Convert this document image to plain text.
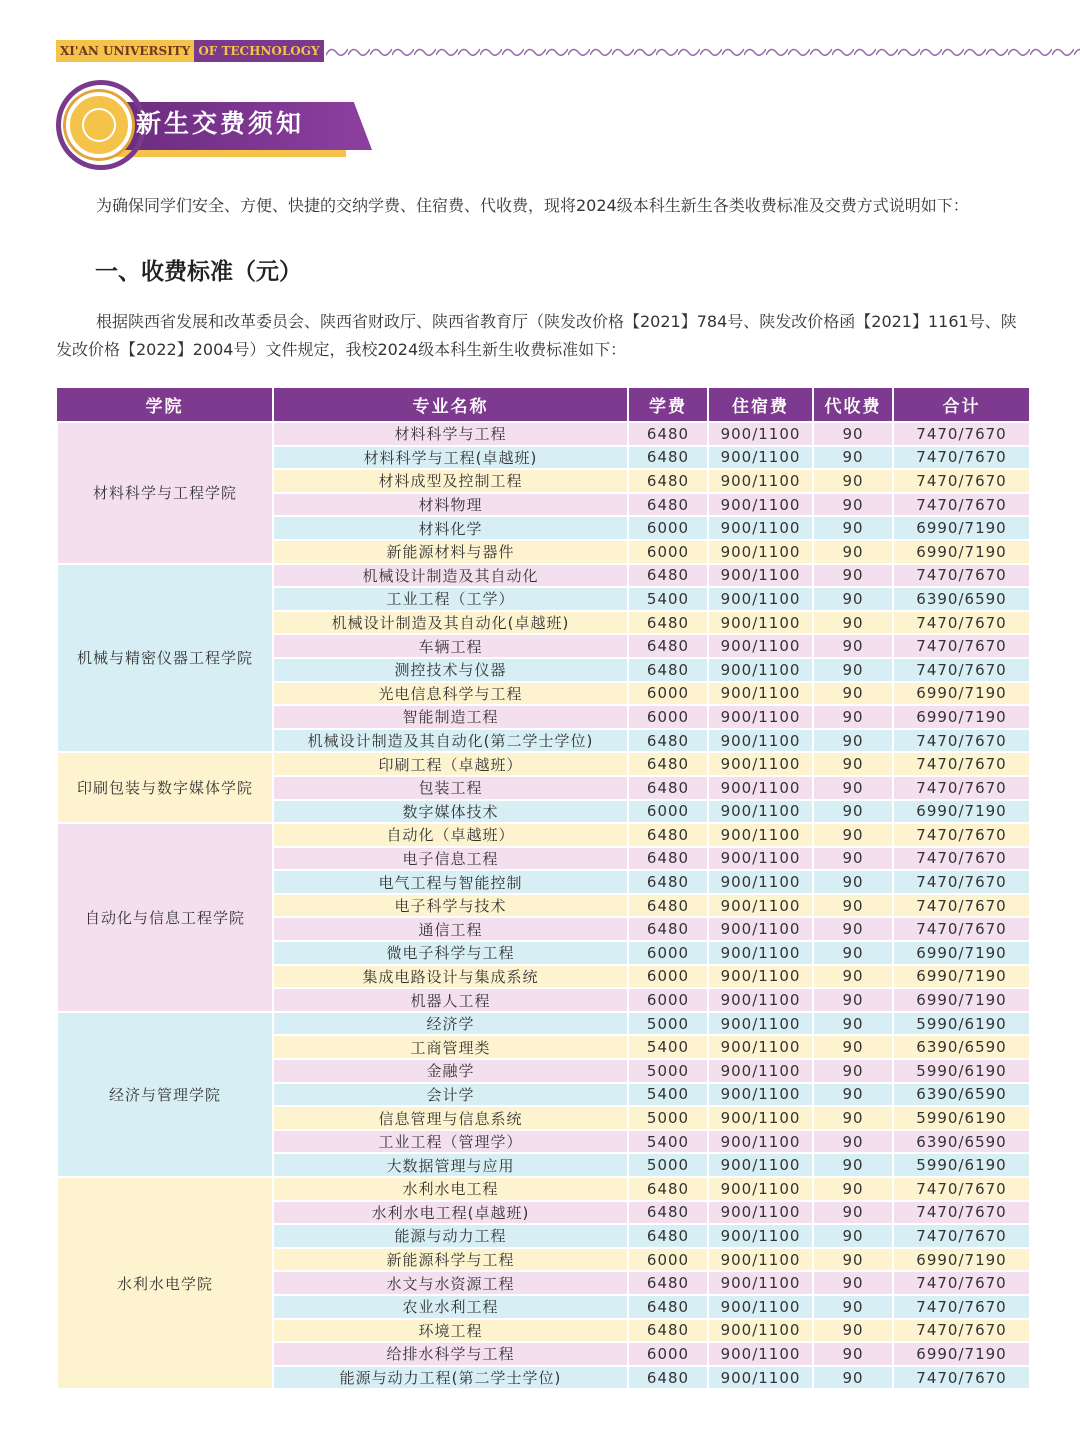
XI'AN UNIVERSITY OF TECHNOLOGY
新生交费须知

为确保同学们安全、方便、快捷的交纳学费、住宿费、代收费，现将2024级本科生新生各类收费标准及交费方式说明如下：

一、收费标准（元）

根据陕西省发展和改革委员会、陕西省财政厅、陕西省教育厅（陕发改价格【2021】784号、陕发改价格函【2021】1161号、陕发改价格【2022】2004号）文件规定，我校2024级本科生新生收费标准如下：

学院	专业名称	学费	住宿费	代收费	合计
材料科学与工程学院	材料科学与工程	6480	900/1100	90	7470/7670
	材料科学与工程(卓越班)	6480	900/1100	90	7470/7670
	材料成型及控制工程	6480	900/1100	90	7470/7670
	材料物理	6480	900/1100	90	7470/7670
	材料化学	6000	900/1100	90	6990/7190
	新能源材料与器件	6000	900/1100	90	6990/7190
机械与精密仪器工程学院	机械设计制造及其自动化	6480	900/1100	90	7470/7670
	工业工程（工学）	5400	900/1100	90	6390/6590
	机械设计制造及其自动化(卓越班)	6480	900/1100	90	7470/7670
	车辆工程	6480	900/1100	90	7470/7670
	测控技术与仪器	6480	900/1100	90	7470/7670
	光电信息科学与工程	6000	900/1100	90	6990/7190
	智能制造工程	6000	900/1100	90	6990/7190
	机械设计制造及其自动化(第二学士学位)	6480	900/1100	90	7470/7670
印刷包装与数字媒体学院	印刷工程（卓越班）	6480	900/1100	90	7470/7670
	包装工程	6480	900/1100	90	7470/7670
	数字媒体技术	6000	900/1100	90	6990/7190
自动化与信息工程学院	自动化（卓越班）	6480	900/1100	90	7470/7670
	电子信息工程	6480	900/1100	90	7470/7670
	电气工程与智能控制	6480	900/1100	90	7470/7670
	电子科学与技术	6480	900/1100	90	7470/7670
	通信工程	6480	900/1100	90	7470/7670
	微电子科学与工程	6000	900/1100	90	6990/7190
	集成电路设计与集成系统	6000	900/1100	90	6990/7190
	机器人工程	6000	900/1100	90	6990/7190
经济与管理学院	经济学	5000	900/1100	90	5990/6190
	工商管理类	5400	900/1100	90	6390/6590
	金融学	5000	900/1100	90	5990/6190
	会计学	5400	900/1100	90	6390/6590
	信息管理与信息系统	5000	900/1100	90	5990/6190
	工业工程（管理学）	5400	900/1100	90	6390/6590
	大数据管理与应用	5000	900/1100	90	5990/6190
水利水电学院	水利水电工程	6480	900/1100	90	7470/7670
	水利水电工程(卓越班)	6480	900/1100	90	7470/7670
	能源与动力工程	6480	900/1100	90	7470/7670
	新能源科学与工程	6000	900/1100	90	6990/7190
	水文与水资源工程	6480	900/1100	90	7470/7670
	农业水利工程	6480	900/1100	90	7470/7670
	环境工程	6480	900/1100	90	7470/7670
	给排水科学与工程	6000	900/1100	90	6990/7190
	能源与动力工程(第二学士学位)	6480	900/1100	90	7470/7670
